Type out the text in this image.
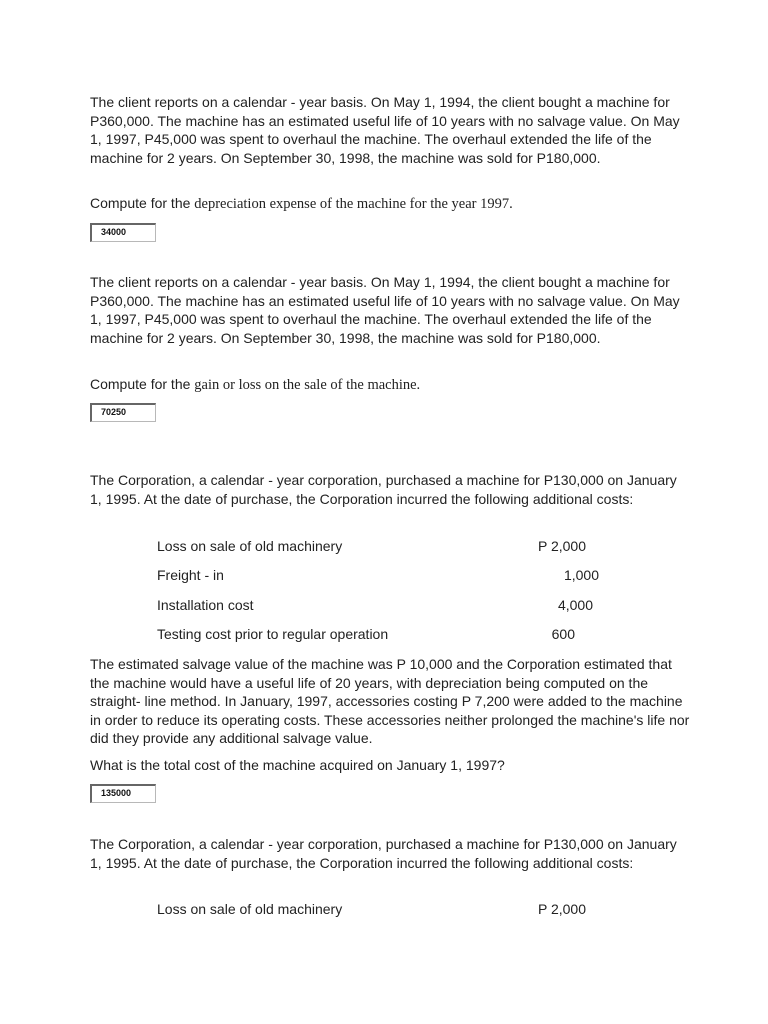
The client reports on a calendar - year basis. On May 1, 1994, the client bought a machine for P360,000. The machine has an estimated useful life of 10 years with no salvage value. On May 1, 1997, P45,000 was spent to overhaul the machine. The overhaul extended the life of the machine for 2 years. On September 30, 1998, the machine was sold for P180,000.

Compute for the depreciation expense of the machine for the year 1997.

34000

The client reports on a calendar - year basis. On May 1, 1994, the client bought a machine for P360,000. The machine has an estimated useful life of 10 years with no salvage value. On May 1, 1997, P45,000 was spent to overhaul the machine. The overhaul extended the life of the machine for 2 years. On September 30, 1998, the machine was sold for P180,000.

Compute for the gain or loss on the sale of the machine.

70250

The Corporation, a calendar - year corporation, purchased a machine for P130,000 on January 1, 1995. At the date of purchase, the Corporation incurred the following additional costs:

Loss on sale of old machinery	P 2,000
Freight - in	1,000
Installation cost	4,000
Testing cost prior to regular operation	600

The estimated salvage value of the machine was P 10,000 and the Corporation estimated that the machine would have a useful life of 20 years, with depreciation being computed on the straight- line method. In January, 1997, accessories costing P 7,200 were added to the machine in order to reduce its operating costs. These accessories neither prolonged the machine's life nor did they provide any additional salvage value.

What is the total cost of the machine acquired on January 1, 1997?

135000

The Corporation, a calendar - year corporation, purchased a machine for P130,000 on January 1, 1995. At the date of purchase, the Corporation incurred the following additional costs:

Loss on sale of old machinery	P 2,000
